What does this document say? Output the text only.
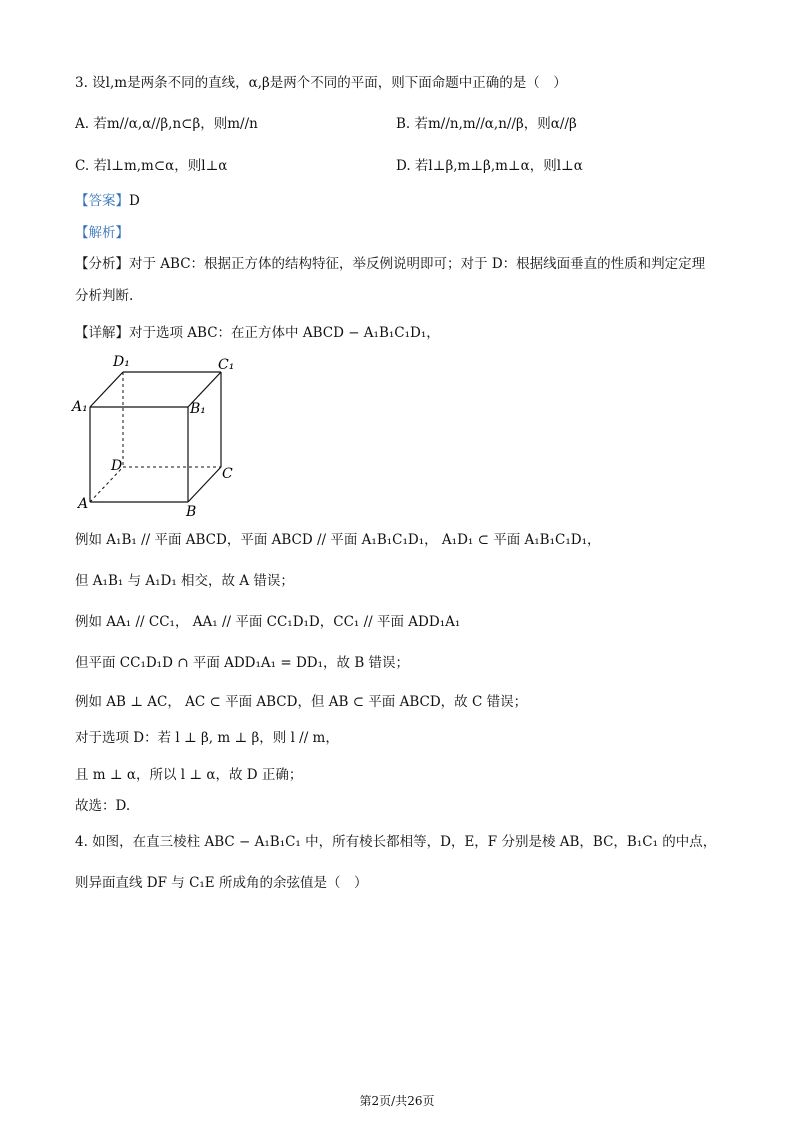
3. 设l,m是两条不同的直线，α,β是两个不同的平面，则下面命题中正确的是（　）
A. 若m//α,α//β,n⊂β，则m//n	B. 若m//n,m//α,n//β，则α//β
C. 若l⊥m,m⊂α，则l⊥α	D. 若l⊥β,m⊥β,m⊥α，则l⊥α
【答案】D
【解析】
【分析】对于 ABC：根据正方体的结构特征，举反例说明即可；对于 D：根据线面垂直的性质和判定定理
分析判断.
【详解】对于选项 ABC：在正方体中 ABCD − A₁B₁C₁D₁，
D₁	C₁
A₁	B₁
D	C
A	B
例如 A₁B₁ // 平面 ABCD，平面 ABCD // 平面 A₁B₁C₁D₁， A₁D₁ ⊂ 平面 A₁B₁C₁D₁，
但 A₁B₁ 与 A₁D₁ 相交，故 A 错误；
例如 AA₁ // CC₁， AA₁ // 平面 CC₁D₁D，CC₁ // 平面 ADD₁A₁
但平面 CC₁D₁D ∩ 平面 ADD₁A₁ = DD₁，故 B 错误；
例如 AB ⊥ AC， AC ⊂ 平面 ABCD，但 AB ⊂ 平面 ABCD，故 C 错误；
对于选项 D：若 l ⊥ β, m ⊥ β，则 l // m，
且 m ⊥ α，所以 l ⊥ α，故 D 正确；
故选：D.
4. 如图，在直三棱柱 ABC − A₁B₁C₁ 中，所有棱长都相等，D，E，F 分别是棱 AB，BC，B₁C₁ 的中点，
则异面直线 DF 与 C₁E 所成角的余弦值是（　）
第2页/共26页
